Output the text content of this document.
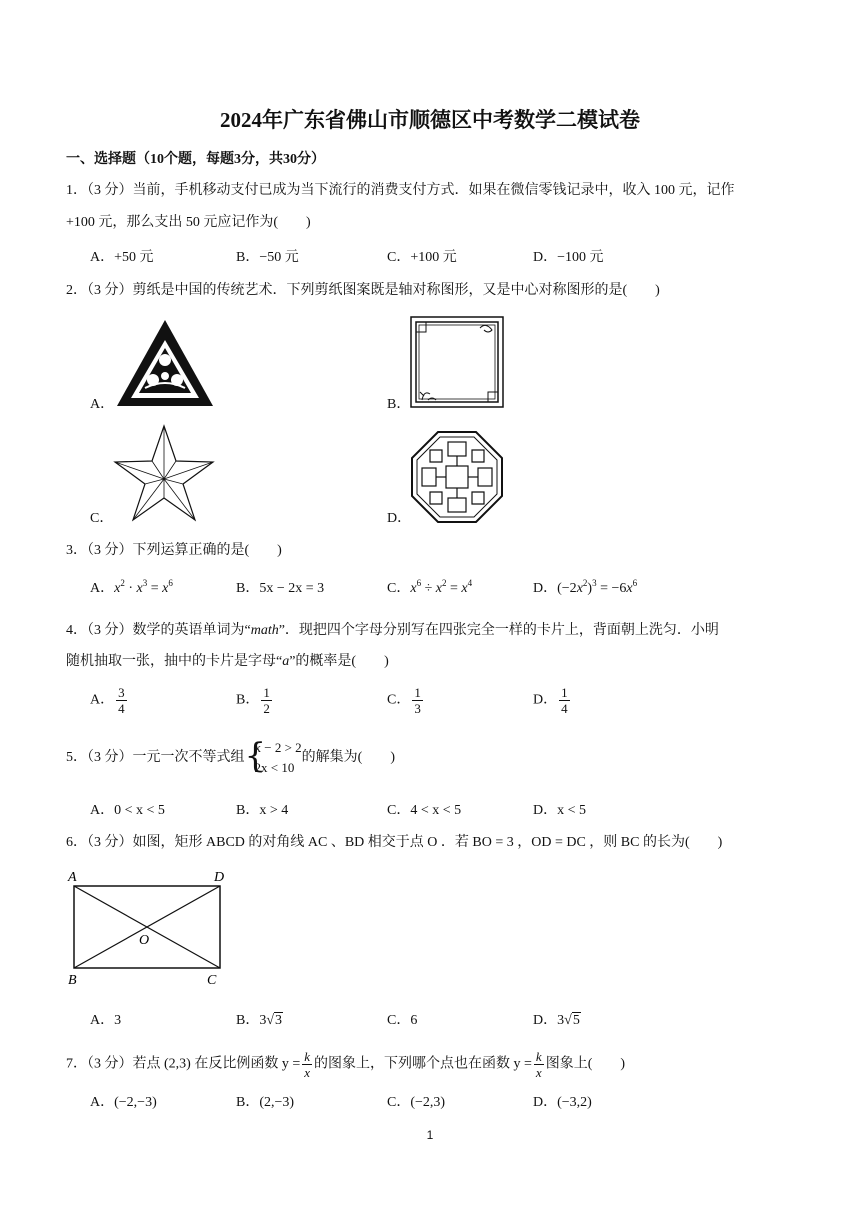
2024年广东省佛山市顺德区中考数学二模试卷
一、选择题（10个题，每题3分，共30分）
1．（3 分）当前，手机移动支付已成为当下流行的消费支付方式．如果在微信零钱记录中，收入 100 元，记作
+100 元，那么支出 50 元应记作为(　　)
A．+50 元	B．−50 元	C．+100 元	D．−100 元
2．（3 分）剪纸是中国的传统艺术．下列剪纸图案既是轴对称图形，又是中心对称图形的是(　　)
A．	B．
C．	D．
3．（3 分）下列运算正确的是(　　)
A．$x^2 \cdot x^3 = x^6$	B．5x − 2x = 3	C．$x^6 \div x^2 = x^4$	D．$(-2x^2)^3 = -6x^6$
4．（3 分）数学的英语单词为“math”．现把四个字母分别写在四张完全一样的卡片上，背面朝上洗匀．小明
随机抽取一张，抽中的卡片是字母“a”的概率是(　　)
A． $\frac{3}{4}$	B． $\frac{1}{2}$	C． $\frac{1}{3}$	D． $\frac{1}{4}$
5．（3 分）一元一次不等式组 {
x − 2 > 2
2x < 10
的解集为(　　)
A．0 < x < 5	B．x > 4	C．4 < x < 5	D．x < 5
6．（3 分）如图，矩形 ABCD 的对角线 AC 、BD 相交于点 O ．若 BO = 3 ，OD = DC ，则 BC 的长为(　　)
A	D
B	C
O
A．3	B．3√3	C．6	D．3√5
7．（3 分）若点 (2,3) 在反比例函数 $y = \frac{k}{x}$ 的图象上，下列哪个点也在函数 $y = \frac{k}{x}$ 图象上(　　)
A．(−2,−3)	B．(2,−3)	C．(−2,3)	D．(−3,2)
1
